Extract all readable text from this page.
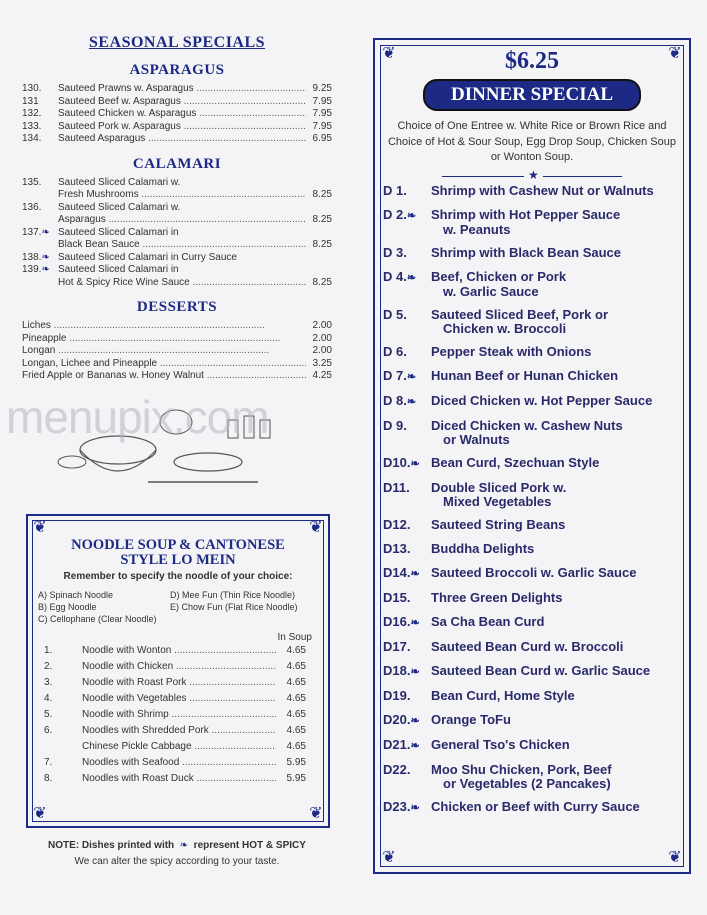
SEASONAL SPECIALS
ASPARAGUS
130.	Sauteed Prawns w. Asparagus .....	9.25
131	Sauteed Beef w. Asparagus .....	7.95
132.	Sauteed Chicken w. Asparagus .....	7.95
133.	Sauteed Pork w. Asparagus .....	7.95
134.	Sauteed Asparagus .....	6.95
CALAMARI
135.	Sauteed Sliced Calamari w.
Fresh Mushrooms .....	8.25
136.	Sauteed Sliced Calamari w.
Asparagus .....	8.25
137.❧ Sauteed Sliced Calamari in
Black Bean Sauce .....	8.25
138.❧ Sauteed Sliced Calamari in Curry Sauce
139.❧ Sauteed Sliced Calamari in
Hot & Spicy Rice Wine Sauce .....	8.25
DESSERTS
Liches .....	2.00
Pineapple .....	2.00
Longan .....	2.00
Longan, Lichee and Pineapple .....	3.25
Fried Apple or Bananas w. Honey Walnut .....	4.25
menupix.com
❦	❦
❦	❦
NOODLE SOUP & CANTONESE
STYLE LO MEIN
Remember to specify the noodle of your choice:
A) Spinach Noodle	D) Mee Fun (Thin Rice Noodle)
B) Egg Noodle	E) Chow Fun (Flat Rice Noodle)
C) Cellophane (Clear Noodle)
In Soup
1.	Noodle with Wonton .....	4.65
2.	Noodle with Chicken .....	4.65
3.	Noodle with Roast Pork .....	4.65
4.	Noodle with Vegetables .....	4.65
5.	Noodle with Shrimp .....	4.65
6.	Noodles with Shredded Pork .....	4.65
Chinese Pickle Cabbage .....	4.65
7.	Noodles with Seafood .....	5.95
8.	Noodles with Roast Duck .....	5.95
NOTE: Dishes printed with  ❧  represent HOT & SPICY
We can alter the spicy according to your taste.
❦	❦
❦	❦
$6.25
DINNER SPECIAL
Choice of One Entree w. White Rice or Brown Rice and Choice of Hot & Sour Soup, Egg Drop Soup, Chicken Soup or Wonton Soup.
★
D 1.	Shrimp with Cashew Nut or Walnuts
D 2.❧	Shrimp with Hot Pepper Sauce
w. Peanuts
D 3.	Shrimp with Black Bean Sauce
D 4.❧	Beef, Chicken or Pork
w. Garlic Sauce
D 5.	Sauteed Sliced Beef, Pork or
Chicken w. Broccoli
D 6.	Pepper Steak with Onions
D 7.❧	Hunan Beef or Hunan Chicken
D 8.❧	Diced Chicken w. Hot Pepper Sauce
D 9.	Diced Chicken w. Cashew Nuts
or Walnuts
D10.❧ Bean Curd, Szechuan Style
D11.	Double Sliced Pork w.
Mixed Vegetables
D12.	Sauteed String Beans
D13.	Buddha Delights
D14.❧ Sauteed Broccoli w. Garlic Sauce
D15.	Three Green Delights
D16.❧ Sa Cha Bean Curd
D17.	Sauteed Bean Curd w. Broccoli
D18.❧ Sauteed Bean Curd w. Garlic Sauce
D19.	Bean Curd, Home Style
D20.❧ Orange ToFu
D21.❧ General Tso's Chicken
D22.	Moo Shu Chicken, Pork, Beef
or Vegetables (2 Pancakes)
D23.❧ Chicken or Beef with Curry Sauce
